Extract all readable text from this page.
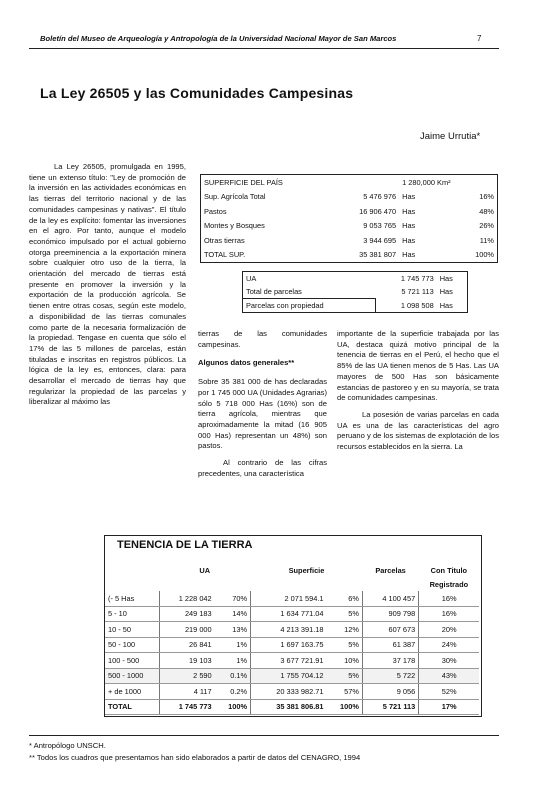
Boletín del Museo de Arqueología y Antropología de la Universidad Nacional Mayor de San Marcos	7
La Ley 26505 y las Comunidades Campesinas
Jaime Urrutia*

La Ley 26505, promulgada en 1995, tiene un extenso título: "Ley de promoción de la inversión en las actividades económicas en las tierras del territorio nacional y de las comunidades campesinas y nativas". El título de la ley es explícito: fomentar las inversiones en el agro. Por tanto, aunque el modelo económico impulsado por el actual gobierno otorga preeminencia a la exportación minera sobre cualquier otro uso de la tierra, la orientación del mercado de tierras está presente en promover la inversión y la exportación de la producción agrícola. Se tienen entre otras cosas, según este modelo, a disponibilidad de las tierras comunales como parte de la necesaria formalización de la propiedad. Tengase en cuenta que sólo el 17% de las 5 millones de parcelas, están tituladas e inscritas en registros públicos. La lógica de la ley es, entonces, clara: para desarrollar el mercado de tierras hay que regularizar la propiedad de las parcelas y liberalizar al máximo las

SUPERFICIE DEL PAÍS		1 280,000 Km²	
Sup. Agrícola Total	5 476 976	Has	16%
Pastos	16 906 470	Has	48%
Montes y Bosques	9 053 765	Has	26%
Otras tierras	3 944 695	Has	11%
TOTAL SUP.	35 381 807	Has	100%
UA	1 745 773	Has
Total de parcelas	5 721 113	Has
Parcelas con propiedad	1 098 508	Has

tierras de las comunidades campesinas.

Algunos datos generales**

Sobre 35 381 000 de has declaradas por 1 745 000 UA (Unidades Agrarias) sólo 5 718 000 Has (16%) son de tierra agrícola, mientras que aproximadamente la mitad (16 905 000 Has) representan un 48%) son pastos.

Al contrario de las cifras precedentes, una característica

importante de la superficie trabajada por las UA, destaca quizá motivo principal de la tenencia de tierras en el Perú, el hecho que el 85% de las UA tienen menos de 5 Has. Las UA mayores de 500 Has son básicamente estancias de pastoreo y en su mayoría, se trata de comunidades campesinas.

La posesión de varias parcelas en cada UA es una de las características del agro peruano y de los sistemas de explotación de los recursos establecidos en la sierra. La

TENENCIA DE LA TIERRA
	UA		Superficie		Parcelas	Con Titulo
						Registrado
(- 5 Has	1 228 042	70%	2 071 594.1	6%	4 100 457	16%
5 - 10	249 183	14%	1 634 771.04	5%	909 798	16%
10 - 50	219 000	13%	4 213 391.18	12%	607 673	20%
50 - 100	26 841	1%	1 697 163.75	5%	61 387	24%
100 - 500	19 103	1%	3 677 721.91	10%	37 178	30%
500 - 1000	2 590	0.1%	1 755 704.12	5%	5 722	43%
+ de 1000	4 117	0.2%	20 333 982.71	57%	9 056	52%
TOTAL	1 745 773	100%	35 381 806.81	100%	5 721 113	17%
* Antropólogo UNSCH.
** Todos los cuadros que presentamos han sido elaborados a partir de datos del CENAGRO, 1994
